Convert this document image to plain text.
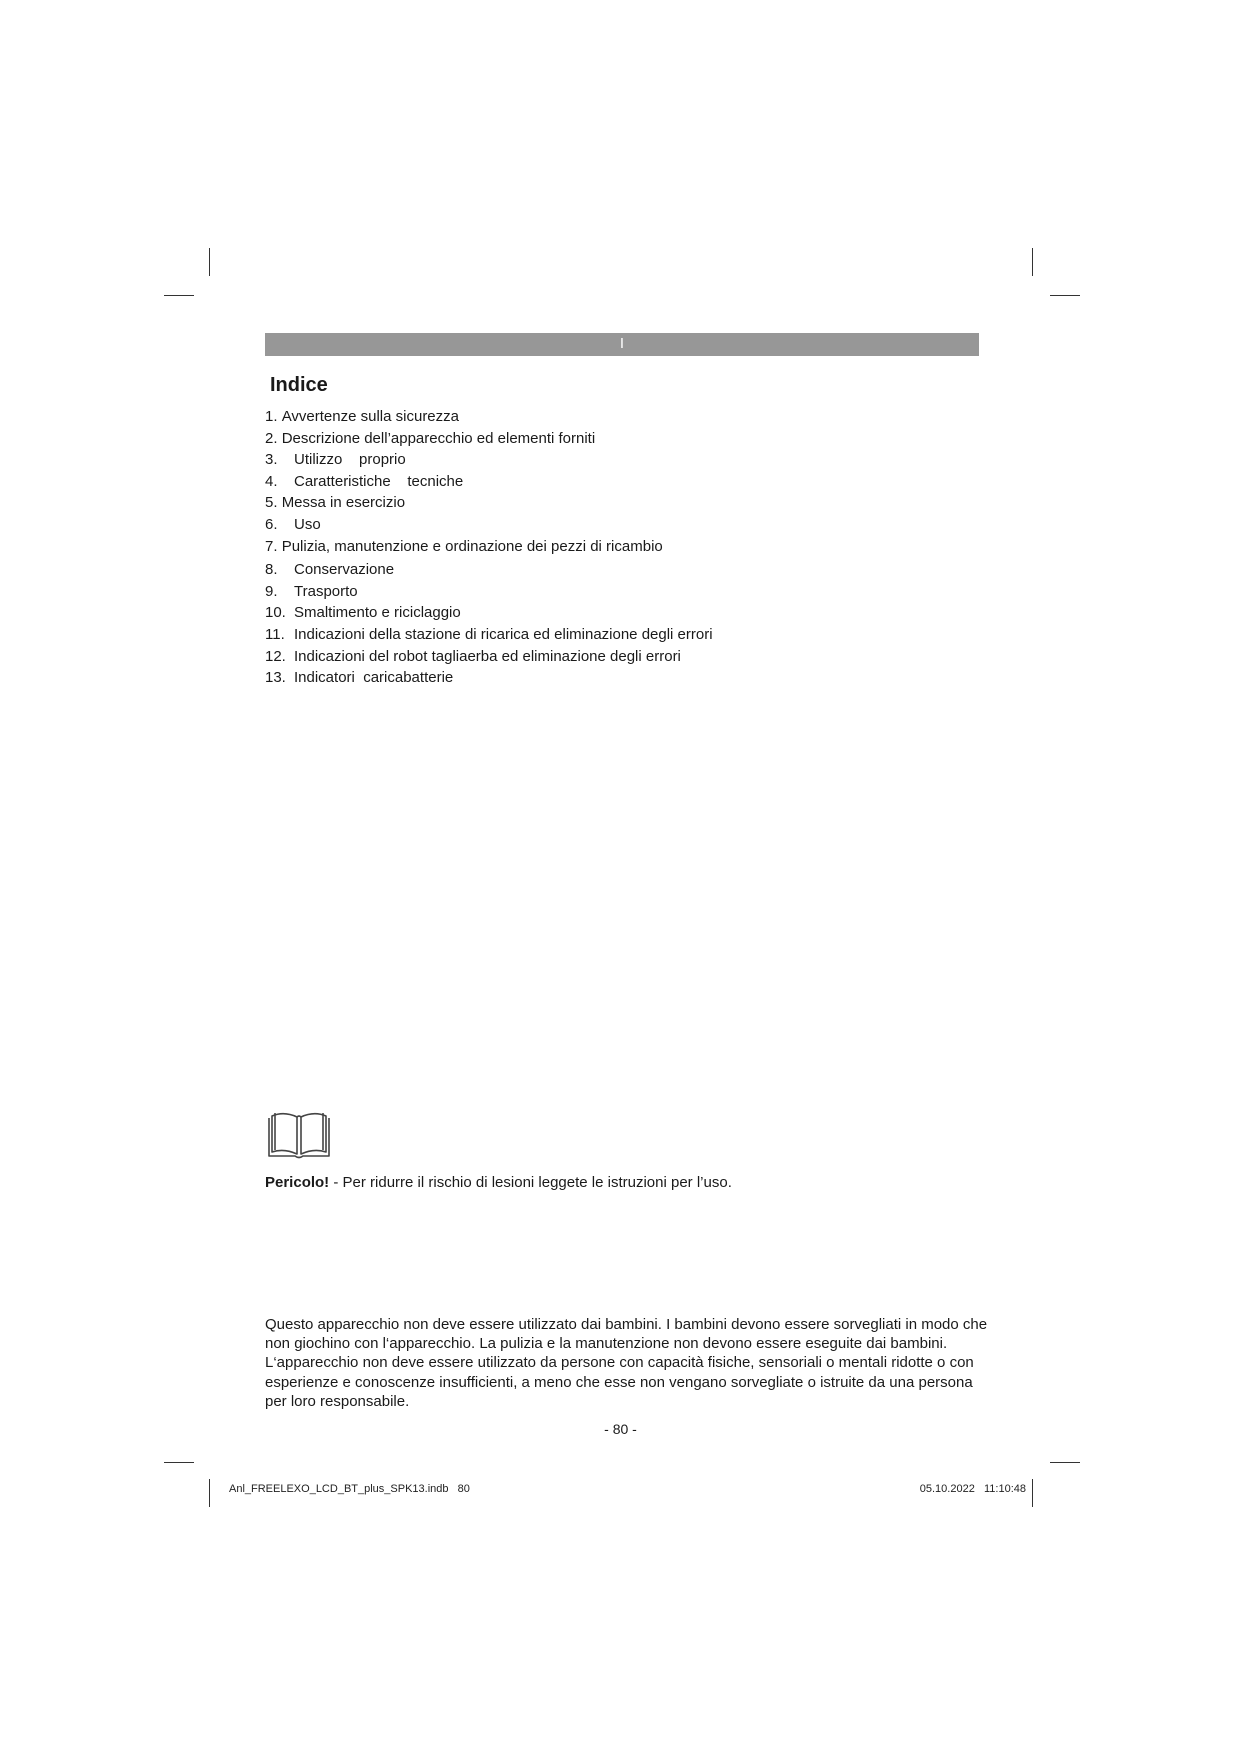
I
Indice
1.
Avvertenze sulla sicurezza
2.
Descrizione dell’apparecchio ed elementi forniti
3.	Utilizzo    proprio
4.	Caratteristiche    tecniche
5.
Messa in esercizio
6.	Uso
7.
Pulizia, manutenzione e ordinazione dei pezzi di ricambio
8.	Conservazione
9.	Trasporto
10. Smaltimento e riciclaggio
11. Indicazioni della stazione di ricarica ed eliminazione degli errori
12. Indicazioni del robot tagliaerba ed eliminazione degli errori
13. Indicatori  caricabatterie
Pericolo! - Per ridurre il rischio di lesioni leggete le istruzioni per l’uso.

Questo apparecchio non deve essere utilizzato dai bambini. I bambini devono essere sorvegliati in modo che non giochino con l‘apparecchio. La pulizia e la manutenzione non devono essere eseguite dai bambini. L‘apparecchio non deve essere utilizzato da persone con capacità fisiche, sensoriali o mentali ridotte o con esperienze e conoscenze insufficienti, a meno che esse non vengano sorvegliate o istruite da una persona per loro responsabile.

- 80 -
Anl_FREELEXO_LCD_BT_plus_SPK13.indb   80	05.10.2022   11:10:48
